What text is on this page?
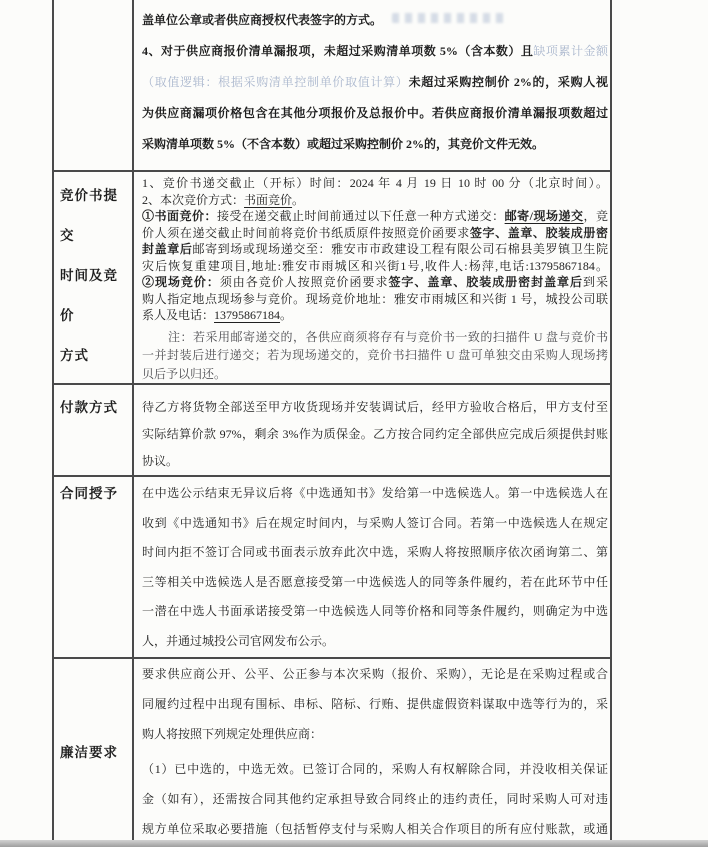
盖单位公章或者供应商授权代表签字的方式。
4、对于供应商报价清单漏报项，未超过采购清单项数 5%（含本数）且缺项累计金额
（取值逻辑：根据采购清单控制单价取值计算）未超过采购控制价 2%的，采购人视
为供应商漏项价格包含在其他分项报价及总报价中。若供应商报价清单漏报项数超过
采购清单项数 5%（不含本数）或超过采购控制价 2%的，其竞价文件无效。
竞价书提交
时间及竞价
方式
1、竞价书递交截止（开标）时间：2024 年 4 月 19 日 10 时 00 分（北京时间）。
2、本次竞价方式：书面竞价。
①书面竞价：接受在递交截止时间前通过以下任意一种方式递交：邮寄/现场递交，竞
价人须在递交截止时间前将竞价书纸质原件按照竞价函要求签字、盖章、胶装成册密
封盖章后邮寄到场或现场递交至：雅安市市政建设工程有限公司石棉县美罗镇卫生院
灾后恢复重建项目,地址:雅安市雨城区和兴街1号,收件人:杨萍,电话:13795867184。
②现场竞价：须由各竞价人按照竞价函要求签字、盖章、胶装成册密封盖章后到采
购人指定地点现场参与竞价。现场竞价地址：雅安市雨城区和兴街 1 号，城投公司联
系人及电话：13795867184。
注：若采用邮寄递交的，各供应商须将存有与竞价书一致的扫描件 U 盘与竞价书
一并封装后进行递交；若为现场递交的，竞价书扫描件 U 盘可单独交由采购人现场拷
贝后予以归还。
付款方式	待乙方将货物全部送至甲方收货现场并安装调试后，经甲方验收合格后，甲方支付至
实际结算价款 97%，剩余 3%作为质保金。乙方按合同约定全部供应完成后须提供封账
协议。
合同授予	在中选公示结束无异议后将《中选通知书》发给第一中选候选人。第一中选候选人在
收到《中选通知书》后在规定时间内，与采购人签订合同。若第一中选候选人在规定
时间内拒不签订合同或书面表示放弃此次中选，采购人将按照顺序依次函询第二、第
三等相关中选候选人是否愿意接受第一中选候选人的同等条件履约，若在此环节中任
一潜在中选人书面承诺接受第一中选候选人同等价格和同等条件履约，则确定为中选
人，并通过城投公司官网发布公示。
廉洁要求
要求供应商公开、公平、公正参与本次采购（报价、采购），无论是在采购过程或合
同履约过程中出现有围标、串标、陪标、行贿、提供虚假资料谋取中选等行为的，采
购人将按照下列规定处理供应商：
（1）已中选的，中选无效。已签订合同的，采购人有权解除合同，并没收相关保证
金（如有），还需按合同其他约定承担导致合同终止的违约责任，同时采购人可对违
规方单位采取必要措施（包括暂停支付与采购人相关合作项目的所有应付账款，或通
